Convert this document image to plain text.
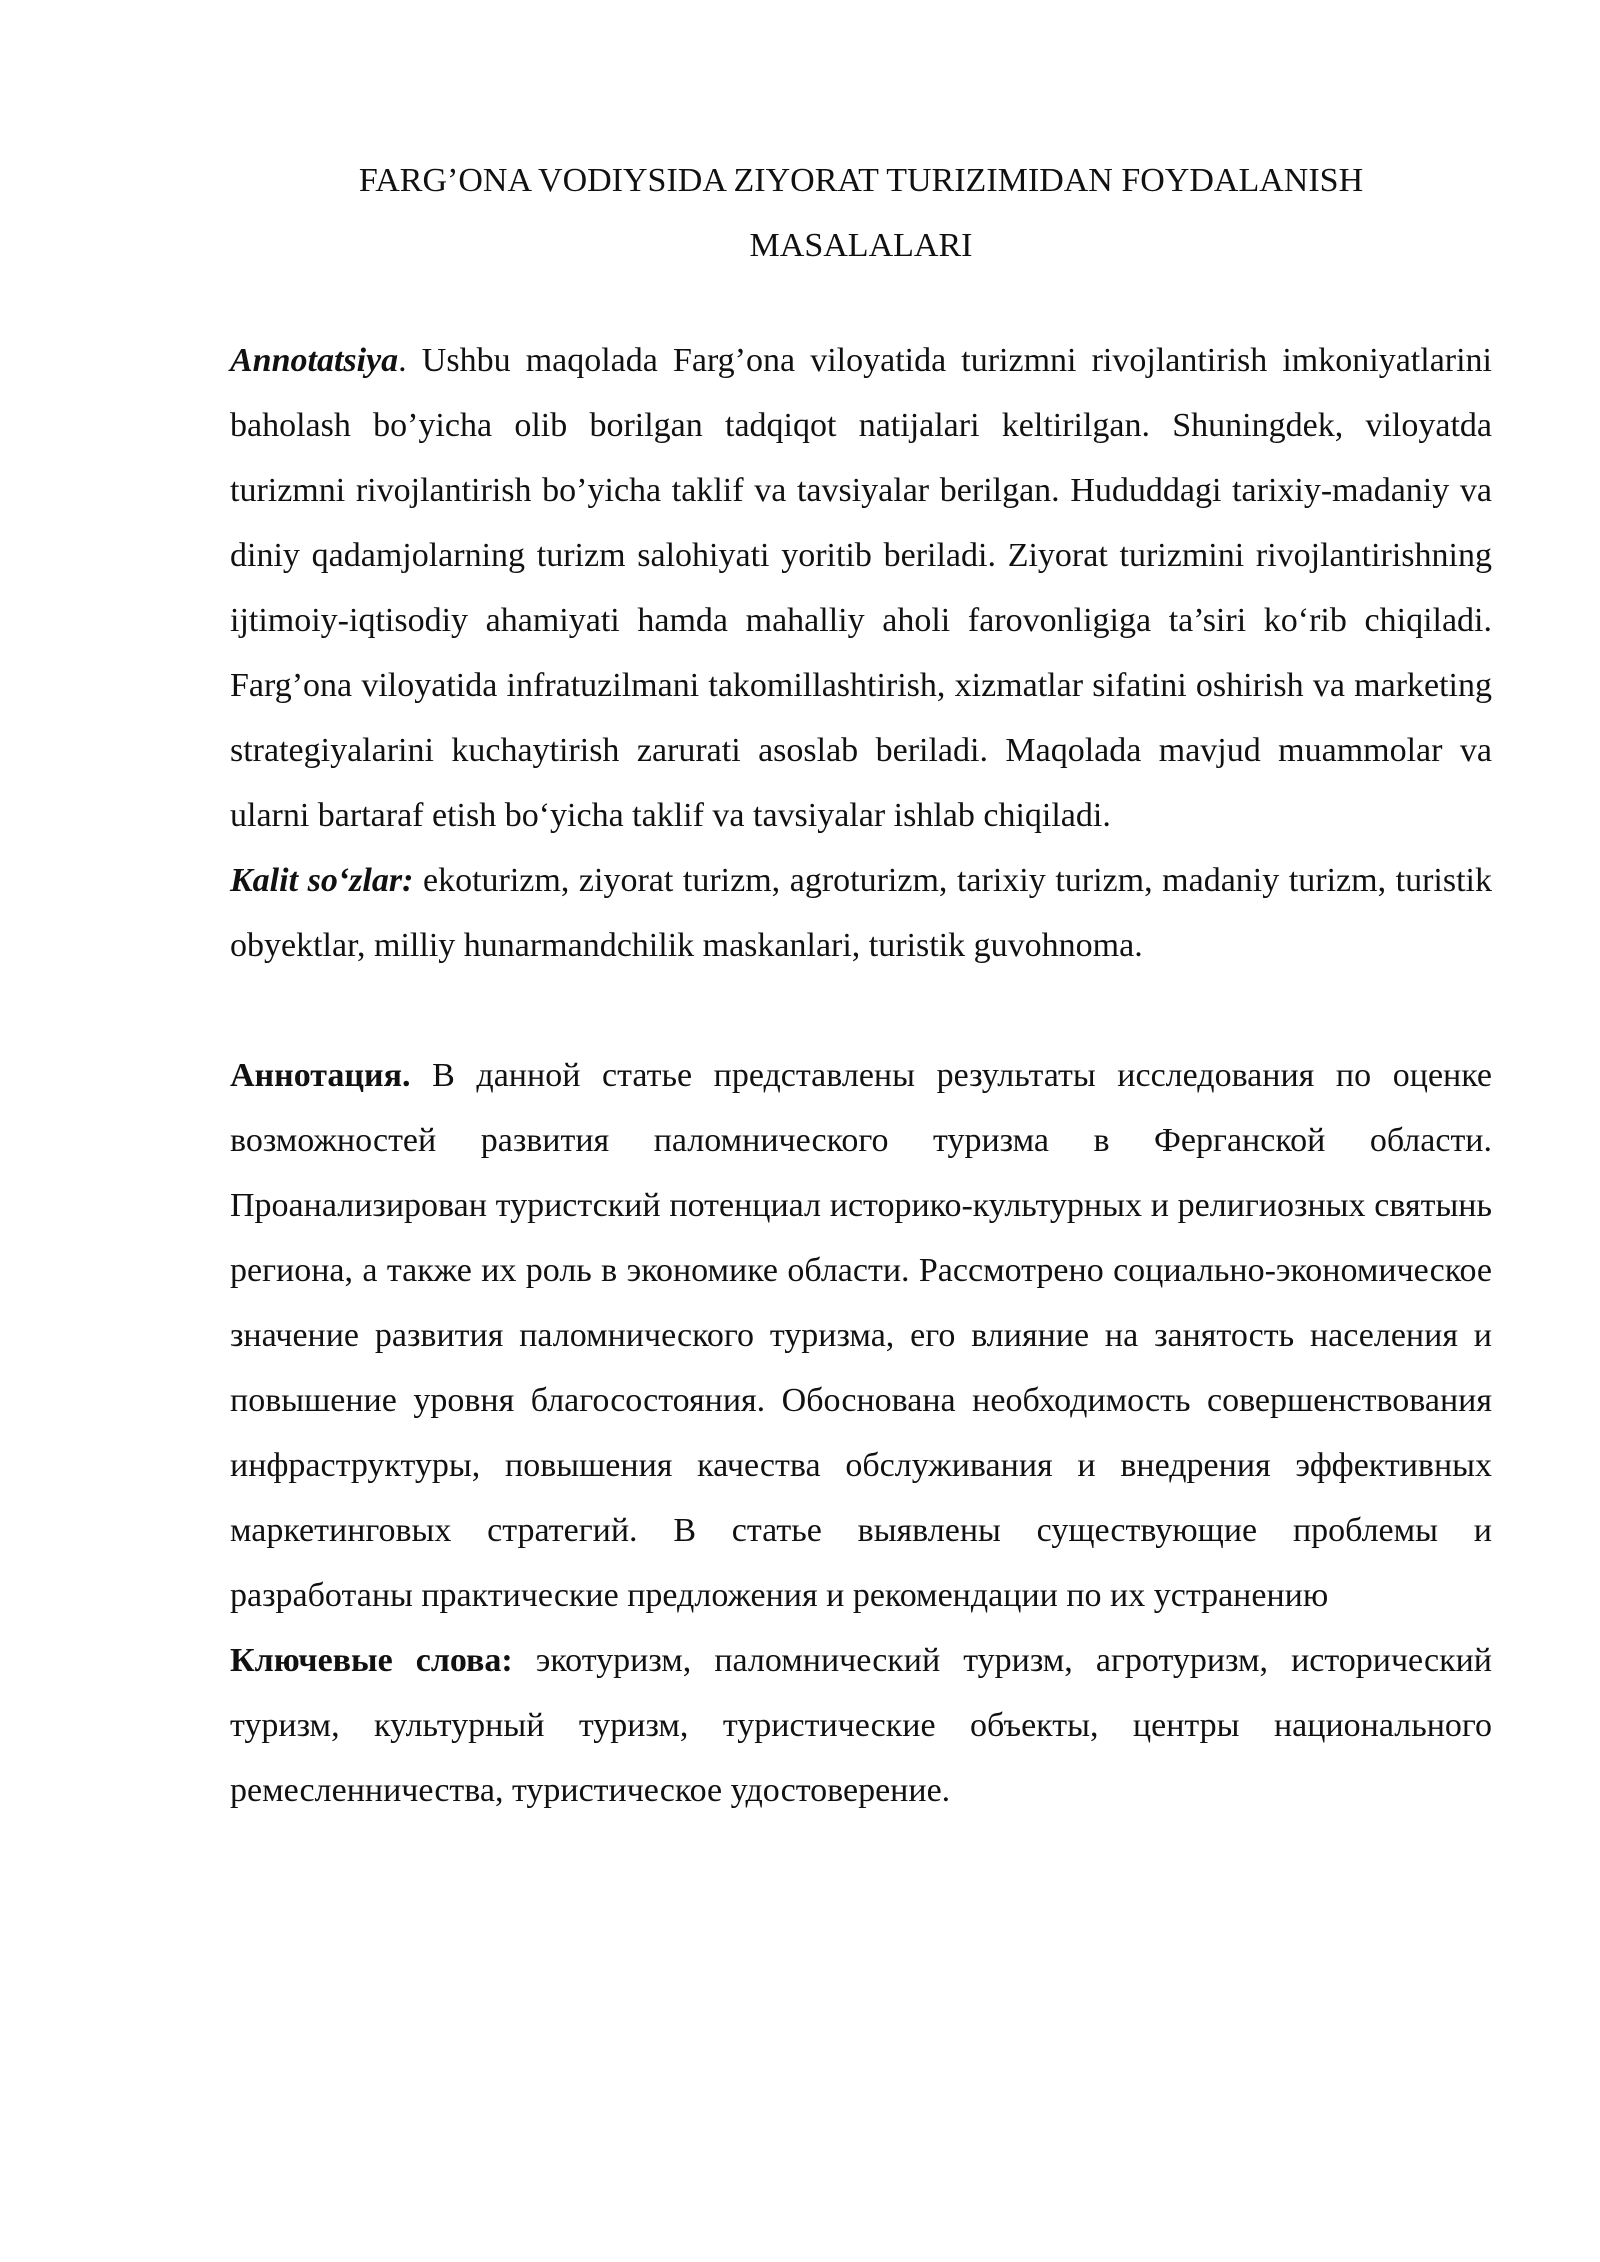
FARG’ONA VODIYSIDA ZIYORAT TURIZIMIDAN FOYDALANISH
MASALALARI

Annotatsiya. Ushbu maqolada Farg’ona viloyatida turizmni rivojlantirish imkoniyatlarini baholash bo’yicha olib borilgan tadqiqot natijalari keltirilgan. Shuningdek, viloyatda turizmni rivojlantirish bo’yicha taklif va tavsiyalar berilgan. Hududdagi tarixiy-madaniy va diniy qadamjolarning turizm salohiyati yoritib beriladi. Ziyorat turizmini rivojlantirishning ijtimoiy-iqtisodiy ahamiyati hamda mahalliy aholi farovonligiga ta’siri ko‘rib chiqiladi. Farg’ona viloyatida infratuzilmani takomillashtirish, xizmatlar sifatini oshirish va marketing strategiyalarini kuchaytirish zarurati asoslab beriladi. Maqolada mavjud muammolar va ularni bartaraf etish bo‘yicha taklif va tavsiyalar ishlab chiqiladi.

Kalit so‘zlar: ekoturizm, ziyorat turizm, agroturizm, tarixiy turizm, madaniy turizm, turistik obyektlar, milliy hunarmandchilik maskanlari, turistik guvohnoma.

Аннотация. В данной статье представлены результаты исследования по оценке возможностей развития паломнического туризма в Ферганской области. Проанализирован туристский потенциал историко-культурных и религиозных святынь региона, а также их роль в экономике области. Рассмотрено социально-экономическое значение развития паломнического туризма, его влияние на занятость населения и повышение уровня благосостояния. Обоснована необходимость совершенствования инфраструктуры, повышения качества обслуживания и внедрения эффективных маркетинговых стратегий. В статье выявлены существующие проблемы и разработаны практические предложения и рекомендации по их устранению

Ключевые слова: экотуризм, паломнический туризм, агротуризм, исторический туризм, культурный туризм, туристические объекты, центры национального ремесленничества, туристическое удостоверение.
